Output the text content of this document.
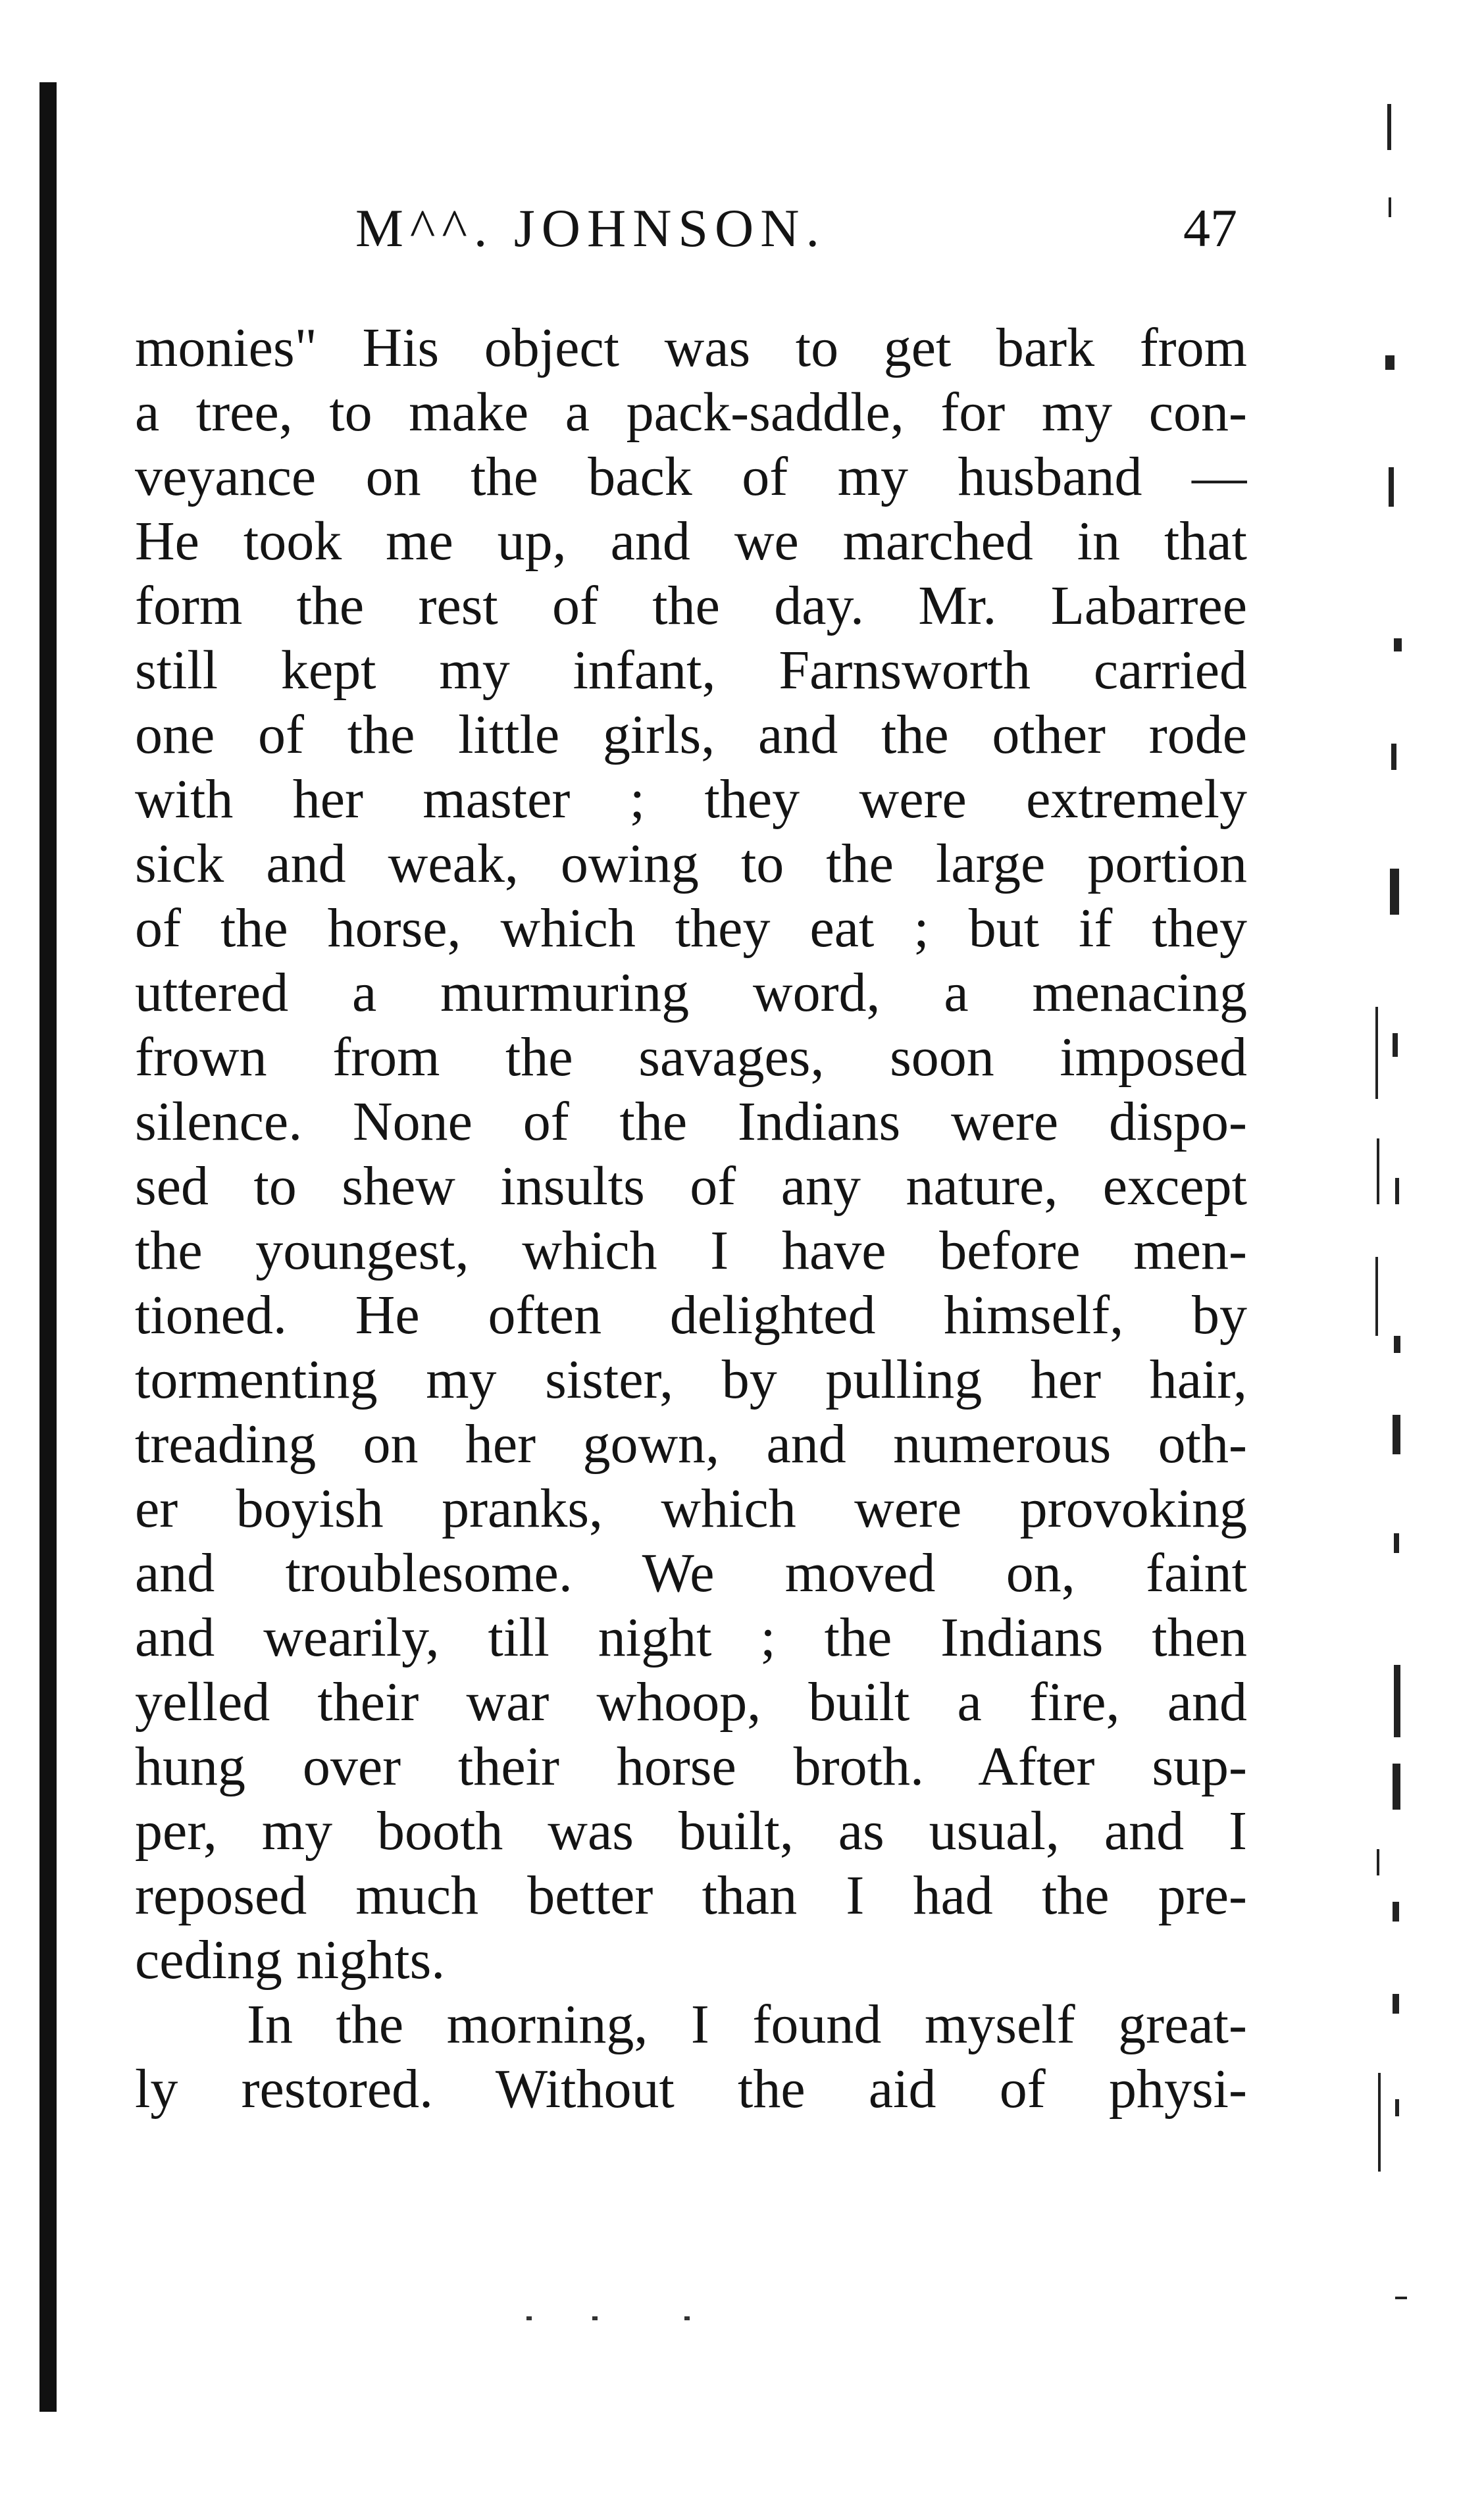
M^^. JOHNSON.	47
monies" His object was to get bark from
a tree, to make a pack-saddle, for my con-
veyance on the back of my husband —
He took me up, and we marched in that
form the rest of the day. Mr. Labarree
still kept my infant, Farnsworth carried
one of the little girls, and the other rode
with her master ; they were extremely
sick and weak, owing to the large portion
of the horse, which they eat ; but if they
uttered a murmuring word, a menacing
frown from the savages, soon imposed
silence. None of the Indians were dispo-
sed to shew insults of any nature, except
the youngest, which I have before men-
tioned. He often delighted himself, by
tormenting my sister, by pulling her hair,
treading on her gown, and numerous oth-
er boyish pranks, which were provoking
and troublesome. We moved on, faint
and wearily, till night ; the Indians then
yelled their war whoop, built a fire, and
hung over their horse broth. After sup-
per, my booth was built, as usual, and I
reposed much better than I had the pre-
ceding nights.
In the morning, I found myself great-
ly restored. Without the aid of physi-
